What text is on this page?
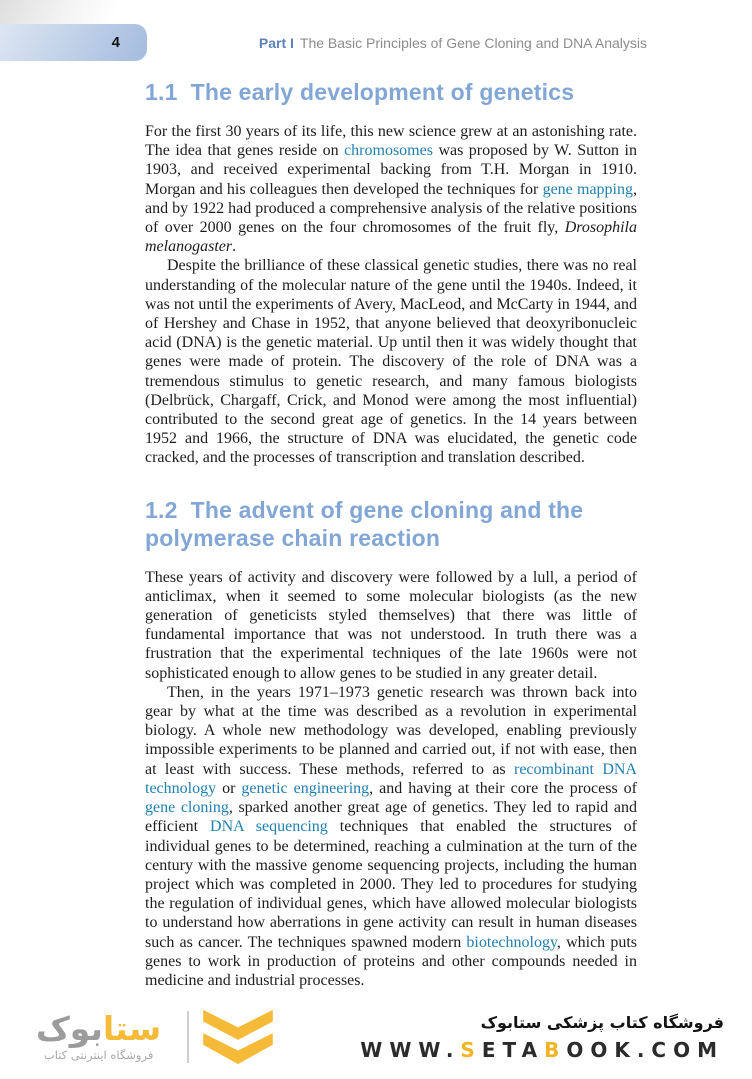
4	Part I The Basic Principles of Gene Cloning and DNA Analysis
1.1 The early development of genetics

For the first 30 years of its life, this new science grew at an astonishing rate. The idea that genes reside on chromosomes was proposed by W. Sutton in 1903, and received experimental backing from T.H. Morgan in 1910. Morgan and his colleagues then developed the techniques for gene mapping, and by 1922 had produced a comprehensive analysis of the relative positions of over 2000 genes on the four chromosomes of the fruit fly, Drosophila melanogaster.

Despite the brilliance of these classical genetic studies, there was no real understanding of the molecular nature of the gene until the 1940s. Indeed, it was not until the experiments of Avery, MacLeod, and McCarty in 1944, and of Hershey and Chase in 1952, that anyone believed that deoxyribonucleic acid (DNA) is the genetic material. Up until then it was widely thought that genes were made of protein. The discovery of the role of DNA was a tremendous stimulus to genetic research, and many famous biologists (Delbrück, Chargaff, Crick, and Monod were among the most influential) contributed to the second great age of genetics. In the 14 years between 1952 and 1966, the structure of DNA was elucidated, the genetic code cracked, and the processes of transcription and translation described.

1.2 The advent of gene cloning and the polymerase chain reaction

These years of activity and discovery were followed by a lull, a period of anticlimax, when it seemed to some molecular biologists (as the new generation of geneticists styled themselves) that there was little of fundamental importance that was not understood. In truth there was a frustration that the experimental techniques of the late 1960s were not sophisticated enough to allow genes to be studied in any greater detail.

Then, in the years 1971–1973 genetic research was thrown back into gear by what at the time was described as a revolution in experimental biology. A whole new methodology was developed, enabling previously impossible experiments to be planned and carried out, if not with ease, then at least with success. These methods, referred to as recombinant DNA technology or genetic engineering, and having at their core the process of gene cloning, sparked another great age of genetics. They led to rapid and efficient DNA sequencing techniques that enabled the structures of individual genes to be determined, reaching a culmination at the turn of the century with the massive genome sequencing projects, including the human project which was completed in 2000. They led to procedures for studying the regulation of individual genes, which have allowed molecular biologists to understand how aberrations in gene activity can result in human diseases such as cancer. The techniques spawned modern biotechnology, which puts genes to work in production of proteins and other compounds needed in medicine and industrial processes.

ستابوک
فروشگاه اینترنتی کتاب
فروشگاه کتاب پزشکی ستابوک
WWW.SETABOOK.COM
